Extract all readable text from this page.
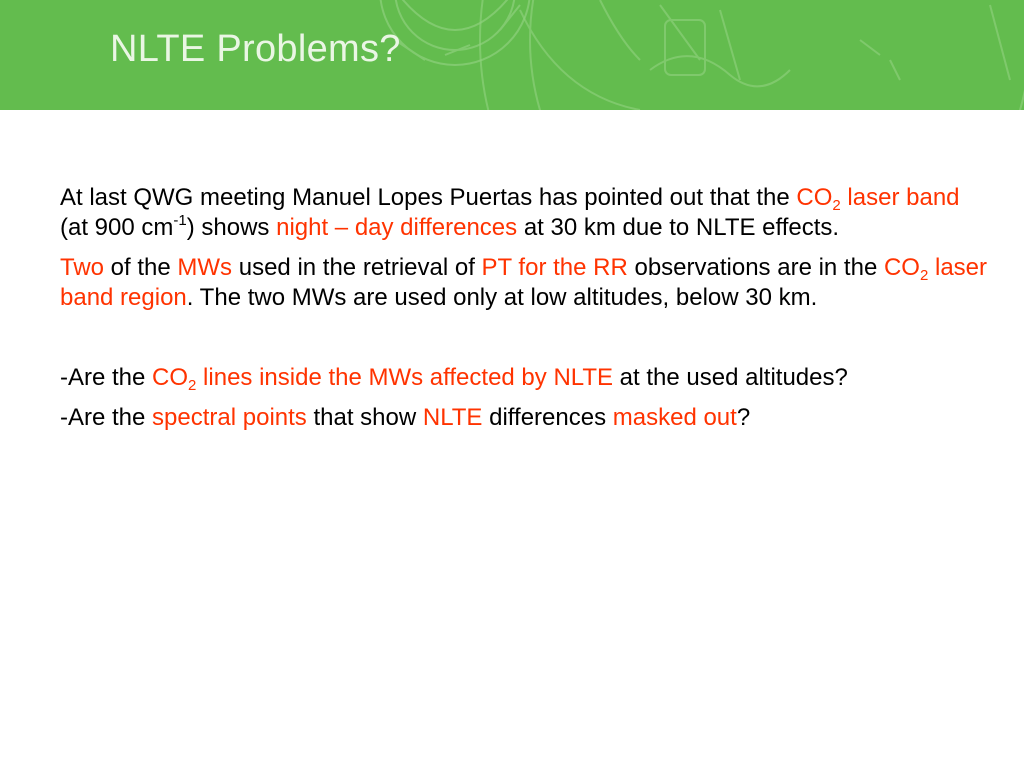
NLTE Problems?

At last QWG meeting Manuel Lopes Puertas has pointed out that the $CO_2$ laser band (at 900 $cm^{-1}$) shows night – day differences at 30 km due to NLTE effects.

Two of the MWs used in the retrieval of PT for the RR observations are in the $CO_2$ laser band region. The two MWs are used only at low altitudes, below 30 km.

-Are the $CO_2$ lines inside the MWs affected by NLTE at the used altitudes?

-Are the spectral points that show NLTE differences masked out?
